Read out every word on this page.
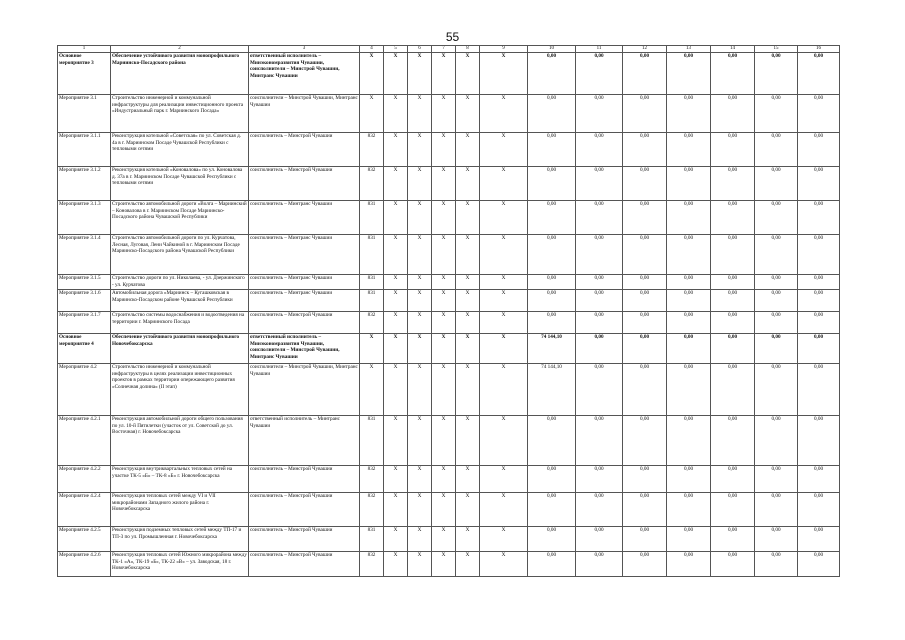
55
1	2	3	4	5	6	7	8	9	10	11	12	13	14	15	16
Основное мероприятие 3	Обеспечение устойчивого развития монопрофильного Мариинско-Посадского района	ответственный исполнитель – Минэкономразвития Чувашии, соисполнители – Минстрой Чувашии, Минтранс Чувашии	X	X	X	X	X	X	0,00	0,00	0,00	0,00	0,00	0,00	0,00
Мероприятие 3.1	Строительство инженерной и коммунальной инфраструктуры для реализации инвестиционного проекта «Индустриальный парк г. Мариинского Посада»	соисполнители – Минстрой Чувашии, Минтранс Чувашии	X	X	X	X	X	X	0,00	0,00	0,00	0,00	0,00	0,00	0,00
Мероприятие 3.1.1	Реконструкция котельной «Советская» по ул. Советская д. 4а в г. Мариинском Посаде Чувашской Республики с тепловыми сетями	соисполнитель – Минстрой Чувашии	832	X	X	X	X	X	0,00	0,00	0,00	0,00	0,00	0,00	0,00
Мероприятие 3.1.2	Реконструкция котельной «Коновалова» по ул. Коновалова д. 37а в г. Мариинском Посаде Чувашской Республики с тепловыми сетями	соисполнитель – Минстрой Чувашии	832	X	X	X	X	X	0,00	0,00	0,00	0,00	0,00	0,00	0,00
Мероприятие 3.1.3	Строительство автомобильной дороги «Волга – Мариинский – Коновалова в г. Мариинском Посаде Мариинско-Посадского района Чувашской Республики	соисполнитель – Минтранс Чувашии	831	X	X	X	X	X	0,00	0,00	0,00	0,00	0,00	0,00	0,00
Мероприятие 3.1.4	Строительство автомобильной дороги по ул. Курчатова, Лесная, Луговая, Лени Чайкиной в г. Мариинском Посаде Мариинско-Посадского района Чувашской Республики	соисполнитель – Минтранс Чувашии	831	X	X	X	X	X	0,00	0,00	0,00	0,00	0,00	0,00	0,00
Мероприятие 3.1.5	Строительство дороги по ул. Николаева, - ул. Дзержинского - ул. Курчатова	соисполнитель – Минтранс Чувашии	831	X	X	X	X	X	0,00	0,00	0,00	0,00	0,00	0,00	0,00
Мероприятие 3.1.6	Автомобильная дорога «Мариинск – Кугашковская в Мариинско-Посадском районе Чувашской Республики	соисполнитель – Минтранс Чувашии	831	X	X	X	X	X	0,00	0,00	0,00	0,00	0,00	0,00	0,00
Мероприятие 3.1.7	Строительство системы водоснабжения и водоотведения на территории г. Мариинского Посада	соисполнитель – Минстрой Чувашии	832	X	X	X	X	X	0,00	0,00	0,00	0,00	0,00	0,00	0,00
Основное мероприятие 4	Обеспечение устойчивого развития монопрофильного Новочебоксарска	ответственный исполнитель – Минэкономразвития Чувашии, соисполнители – Минстрой Чувашии, Минтранс Чувашии	X	X	X	X	X	X	74 144,10	0,00	0,00	0,00	0,00	0,00	0,00
Мероприятие 4.2	Строительство инженерной и коммунальной инфраструктуры в целях реализации инвестиционных проектов в рамках территории опережающего развития «Солнечная долина» (II этап)	соисполнители – Минстрой Чувашии, Минтранс Чувашии	X	X	X	X	X	X	74 144,10	0,00	0,00	0,00	0,00	0,00	0,00
Мероприятие 4.2.1	Реконструкция автомобильной дороги общего пользования по ул. 10-й Пятилетки (участок от ул. Советской до ул. Восточная) г. Новочебоксарска	ответственный исполнитель – Минтранс Чувашии	831	X	X	X	X	X	0,00	0,00	0,00	0,00	0,00	0,00	0,00
Мероприятие 4.2.2	Реконструкция внутриквартальных тепловых сетей на участке ТК-5 «Б» – ТК-8 «Б» г. Новочебоксарска	соисполнитель – Минстрой Чувашии	832	X	X	X	X	X	0,00	0,00	0,00	0,00	0,00	0,00	0,00
Мероприятие 4.2.4	Реконструкция тепловых сетей между VI и VII микрорайонами Западного жилого района г. Новочебоксарска	соисполнитель – Минстрой Чувашии	832	X	X	X	X	X	0,00	0,00	0,00	0,00	0,00	0,00	0,00
Мероприятие 4.2.5	Реконструкция подземных тепловых сетей между ТП-17 и ТП-3 по ул. Промышленная г. Новочебоксарска	соисполнитель – Минстрой Чувашии	831	X	X	X	X	X	0,00	0,00	0,00	0,00	0,00	0,00	0,00
Мероприятие 4.2.6	Реконструкция тепловых сетей Южного микрорайона между ТК-1 «А», ТК-19 «Б», ТК-22 «В» – ул. Заводская, 18 г. Новочебоксарска	соисполнитель – Минстрой Чувашии	832	X	X	X	X	X	0,00	0,00	0,00	0,00	0,00	0,00	0,00
